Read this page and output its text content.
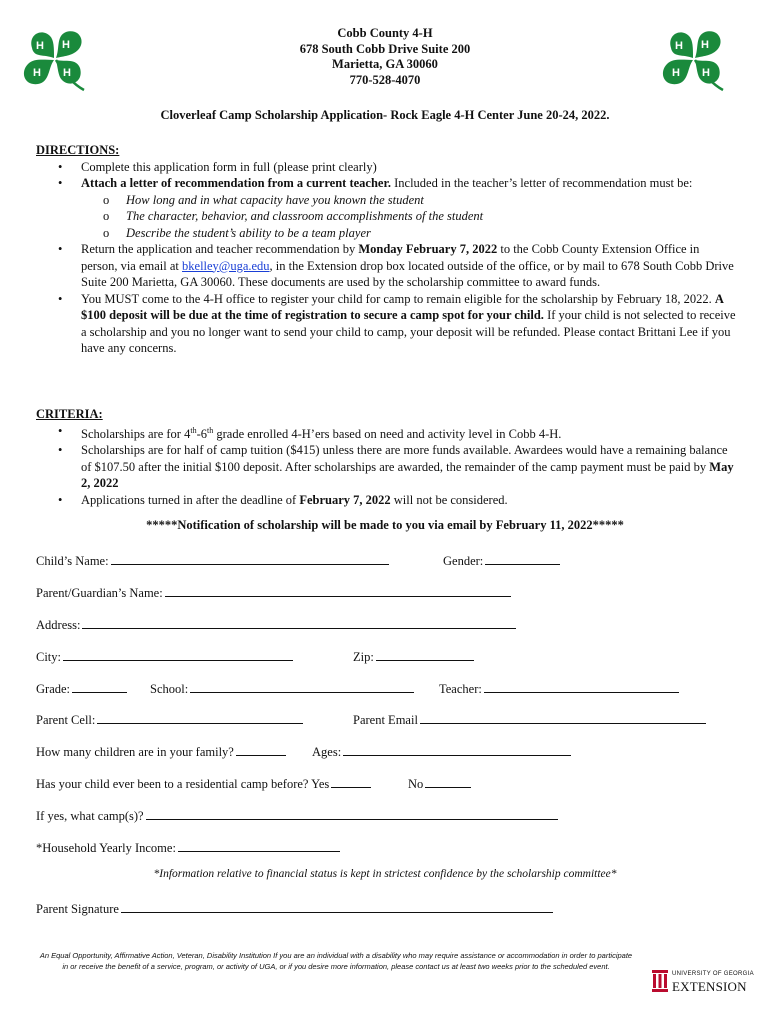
H H
H H
H H
H H
Cobb County 4-H
678 South Cobb Drive Suite 200
Marietta, GA 30060
770-528-4070
Cloverleaf Camp Scholarship Application- Rock Eagle 4-H Center June 20-24, 2022.
DIRECTIONS:
• Complete this application form in full (please print clearly)
• Attach a letter of recommendation from a current teacher. Included in the teacher’s letter of recommendation must be:
o How long and in what capacity have you known the student
o The character, behavior, and classroom accomplishments of the student
o Describe the student’s ability to be a team player
• Return the application and teacher recommendation by Monday February 7, 2022 to the Cobb County Extension Office in person, via email at bkelley@uga.edu, in the Extension drop box located outside of the office, or by mail to 678 South Cobb Drive Suite 200 Marietta, GA 30060. These documents are used by the scholarship committee to award funds.
• You MUST come to the 4-H office to register your child for camp to remain eligible for the scholarship by February 18, 2022. A $100 deposit will be due at the time of registration to secure a camp spot for your child. If your child is not selected to receive a scholarship and you no longer want to send your child to camp, your deposit will be refunded. Please contact Brittani Lee if you have any concerns.
CRITERIA:
• Scholarships are for 4th-6th grade enrolled 4-H’ers based on need and activity level in Cobb 4-H.
• Scholarships are for half of camp tuition ($415) unless there are more funds available. Awardees would have a remaining balance of $107.50 after the initial $100 deposit. After scholarships are awarded, the remainder of the camp payment must be paid by May 2, 2022
• Applications turned in after the deadline of February 7, 2022 will not be considered.
*****Notification of scholarship will be made to you via email by February 11, 2022*****
Child’s Name:	Gender:
Parent/Guardian’s Name:
Address:
City:	Zip:
Grade:	School:	Teacher:
Parent Cell:	Parent Email
How many children are in your family?	Ages:
Has your child ever been to a residential camp before? Yes	No
If yes, what camp(s)?
*Household Yearly Income:
*Information relative to financial status is kept in strictest confidence by the scholarship committee*
Parent Signature
An Equal Opportunity, Affirmative Action, Veteran, Disability Institution If you are an individual with a disability who may require assistance or accommodation in order to participate in or receive the benefit of a service, program, or activity of UGA, or if you desire more information, please contact us at least two weeks prior to the scheduled event.
UNIVERSITY OF GEORGIA
EXTENSION
